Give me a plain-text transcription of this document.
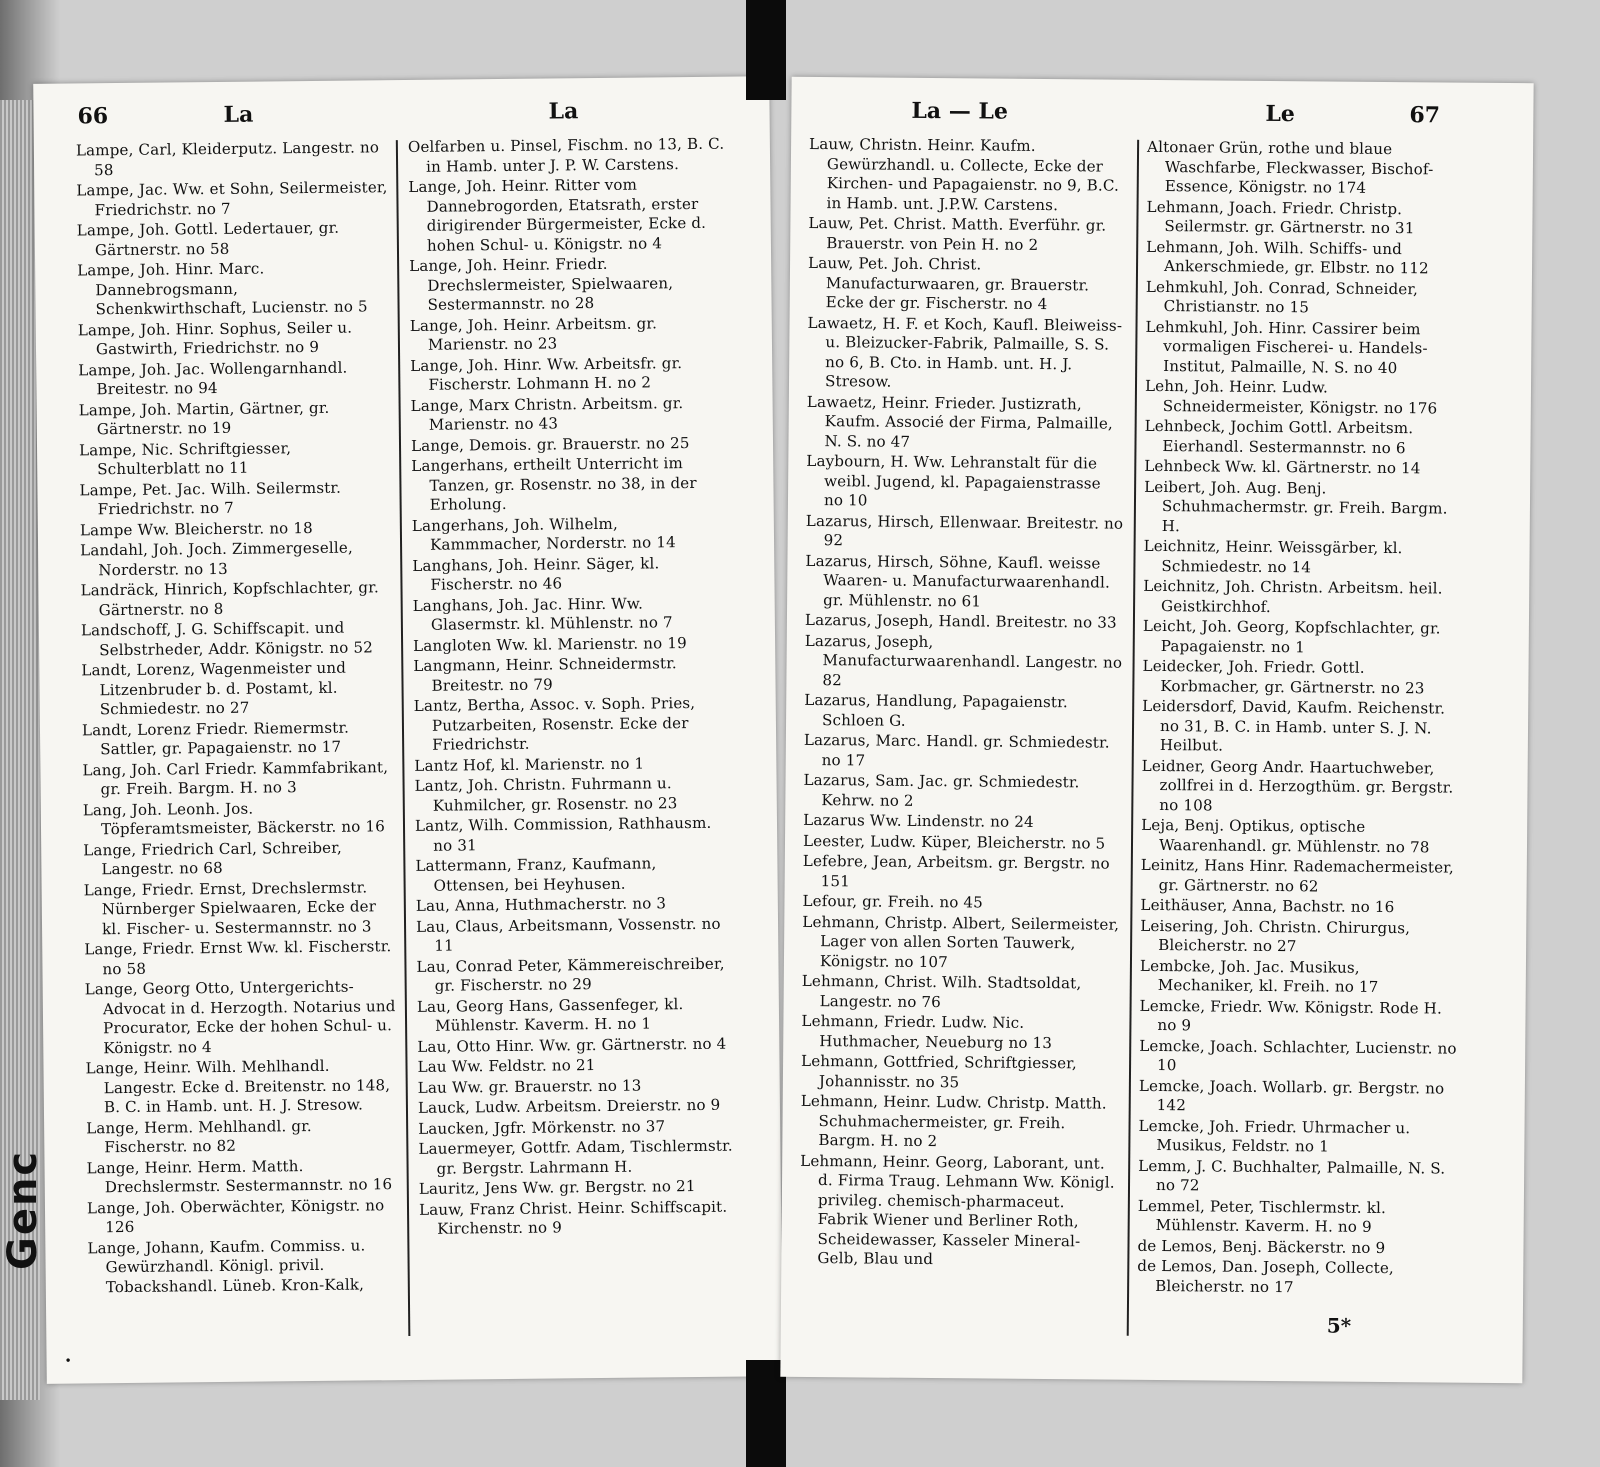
Genc
66	La	La
Lampe, Carl, Kleiderputz. Langestr. no 58
Lampe, Jac. Ww. et Sohn, Seilermeister, Friedrichstr. no 7
Lampe, Joh. Gottl. Ledertauer, gr. Gärtnerstr. no 58
Lampe, Joh. Hinr. Marc. Dannebrogsmann, Schenkwirthschaft, Lucienstr. no 5
Lampe, Joh. Hinr. Sophus, Seiler u. Gastwirth, Friedrichstr. no 9
Lampe, Joh. Jac. Wollengarnhandl. Breitestr. no 94
Lampe, Joh. Martin, Gärtner, gr. Gärtnerstr. no 19
Lampe, Nic. Schriftgiesser, Schulterblatt no 11
Lampe, Pet. Jac. Wilh. Seilermstr. Friedrichstr. no 7
Lampe Ww. Bleicherstr. no 18
Landahl, Joh. Joch. Zimmergeselle, Norderstr. no 13
Landräck, Hinrich, Kopfschlachter, gr. Gärtnerstr. no 8
Landschoff, J. G. Schiffscapit. und Selbstrheder, Addr. Königstr. no 52
Landt, Lorenz, Wagenmeister und Litzenbruder b. d. Postamt, kl. Schmiedestr. no 27
Landt, Lorenz Friedr. Riemermstr. Sattler, gr. Papagaienstr. no 17
Lang, Joh. Carl Friedr. Kammfabrikant, gr. Freih. Bargm. H. no 3
Lang, Joh. Leonh. Jos. Töpferamtsmeister, Bäckerstr. no 16
Lange, Friedrich Carl, Schreiber, Langestr. no 68
Lange, Friedr. Ernst, Drechslermstr. Nürnberger Spielwaaren, Ecke der kl. Fischer- u. Sestermannstr. no 3
Lange, Friedr. Ernst Ww. kl. Fischerstr. no 58
Lange, Georg Otto, Untergerichts-Advocat in d. Herzogth. Notarius und Procurator, Ecke der hohen Schul- u. Königstr. no 4
Lange, Heinr. Wilh. Mehlhandl. Langestr. Ecke d. Breitenstr. no 148, B. C. in Hamb. unt. H. J. Stresow.
Lange, Herm. Mehlhandl. gr. Fischerstr. no 82
Lange, Heinr. Herm. Matth. Drechslermstr. Sestermannstr. no 16
Lange, Joh. Oberwächter, Königstr. no 126
Lange, Johann, Kaufm. Commiss. u. Gewürzhandl. Königl. privil. Tobackshandl. Lüneb. Kron-Kalk,
Oelfarben u. Pinsel, Fischm. no 13, B. C. in Hamb. unter J. P. W. Carstens.
Lange, Joh. Heinr. Ritter vom Dannebrogorden, Etatsrath, erster dirigirender Bürgermeister, Ecke d. hohen Schul- u. Königstr. no 4
Lange, Joh. Heinr. Friedr. Drechslermeister, Spielwaaren, Sestermannstr. no 28
Lange, Joh. Heinr. Arbeitsm. gr. Marienstr. no 23
Lange, Joh. Hinr. Ww. Arbeitsfr. gr. Fischerstr. Lohmann H. no 2
Lange, Marx Christn. Arbeitsm. gr. Marienstr. no 43
Lange, Demois. gr. Brauerstr. no 25
Langerhans, ertheilt Unterricht im Tanzen, gr. Rosenstr. no 38, in der Erholung.
Langerhans, Joh. Wilhelm, Kammmacher, Norderstr. no 14
Langhans, Joh. Heinr. Säger, kl. Fischerstr. no 46
Langhans, Joh. Jac. Hinr. Ww. Glasermstr. kl. Mühlenstr. no 7
Langloten Ww. kl. Marienstr. no 19
Langmann, Heinr. Schneidermstr. Breitestr. no 79
Lantz, Bertha, Assoc. v. Soph. Pries, Putzarbeiten, Rosenstr. Ecke der Friedrichstr.
Lantz Hof, kl. Marienstr. no 1
Lantz, Joh. Christn. Fuhrmann u. Kuhmilcher, gr. Rosenstr. no 23
Lantz, Wilh. Commission, Rathhausm. no 31
Lattermann, Franz, Kaufmann, Ottensen, bei Heyhusen.
Lau, Anna, Huthmacherstr. no 3
Lau, Claus, Arbeitsmann, Vossenstr. no 11
Lau, Conrad Peter, Kämmereischreiber, gr. Fischerstr. no 29
Lau, Georg Hans, Gassenfeger, kl. Mühlenstr. Kaverm. H. no 1
Lau, Otto Hinr. Ww. gr. Gärtnerstr. no 4
Lau Ww. Feldstr. no 21
Lau Ww. gr. Brauerstr. no 13
Lauck, Ludw. Arbeitsm. Dreierstr. no 9
Laucken, Jgfr. Mörkenstr. no 37
Lauermeyer, Gottfr. Adam, Tischlermstr. gr. Bergstr. Lahrmann H.
Lauritz, Jens Ww. gr. Bergstr. no 21
Lauw, Franz Christ. Heinr. Schiffscapit. Kirchenstr. no 9
•
La — Le	Le	67
Lauw, Christn. Heinr. Kaufm. Gewürzhandl. u. Collecte, Ecke der Kirchen- und Papagaienstr. no 9, B.C. in Hamb. unt. J.P.W. Carstens.
Lauw, Pet. Christ. Matth. Everführ. gr. Brauerstr. von Pein H. no 2
Lauw, Pet. Joh. Christ. Manufacturwaaren, gr. Brauerstr. Ecke der gr. Fischerstr. no 4
Lawaetz, H. F. et Koch, Kaufl. Bleiweiss- u. Bleizucker-Fabrik, Palmaille, S. S. no 6, B. Cto. in Hamb. unt. H. J. Stresow.
Lawaetz, Heinr. Frieder. Justizrath, Kaufm. Associé der Firma, Palmaille, N. S. no 47
Laybourn, H. Ww. Lehranstalt für die weibl. Jugend, kl. Papagaienstrasse no 10
Lazarus, Hirsch, Ellenwaar. Breitestr. no 92
Lazarus, Hirsch, Söhne, Kaufl. weisse Waaren- u. Manufacturwaarenhandl. gr. Mühlenstr. no 61
Lazarus, Joseph, Handl. Breitestr. no 33
Lazarus, Joseph, Manufacturwaarenhandl. Langestr. no 82
Lazarus, Handlung, Papagaienstr. Schloen G.
Lazarus, Marc. Handl. gr. Schmiedestr. no 17
Lazarus, Sam. Jac. gr. Schmiedestr. Kehrw. no 2
Lazarus Ww. Lindenstr. no 24
Leester, Ludw. Küper, Bleicherstr. no 5
Lefebre, Jean, Arbeitsm. gr. Bergstr. no 151
Lefour, gr. Freih. no 45
Lehmann, Christp. Albert, Seilermeister, Lager von allen Sorten Tauwerk, Königstr. no 107
Lehmann, Christ. Wilh. Stadtsoldat, Langestr. no 76
Lehmann, Friedr. Ludw. Nic. Huthmacher, Neueburg no 13
Lehmann, Gottfried, Schriftgiesser, Johannisstr. no 35
Lehmann, Heinr. Ludw. Christp. Matth. Schuhmachermeister, gr. Freih. Bargm. H. no 2
Lehmann, Heinr. Georg, Laborant, unt. d. Firma Traug. Lehmann Ww. Königl. privileg. chemisch-pharmaceut. Fabrik Wiener und Berliner Roth, Scheidewasser, Kasseler Mineral-Gelb, Blau und
Altonaer Grün, rothe und blaue Waschfarbe, Fleckwasser, Bischof-Essence, Königstr. no 174
Lehmann, Joach. Friedr. Christp. Seilermstr. gr. Gärtnerstr. no 31
Lehmann, Joh. Wilh. Schiffs- und Ankerschmiede, gr. Elbstr. no 112
Lehmkuhl, Joh. Conrad, Schneider, Christianstr. no 15
Lehmkuhl, Joh. Hinr. Cassirer beim vormaligen Fischerei- u. Handels-Institut, Palmaille, N. S. no 40
Lehn, Joh. Heinr. Ludw. Schneidermeister, Königstr. no 176
Lehnbeck, Jochim Gottl. Arbeitsm. Eierhandl. Sestermannstr. no 6
Lehnbeck Ww. kl. Gärtnerstr. no 14
Leibert, Joh. Aug. Benj. Schuhmachermstr. gr. Freih. Bargm. H.
Leichnitz, Heinr. Weissgärber, kl. Schmiedestr. no 14
Leichnitz, Joh. Christn. Arbeitsm. heil. Geistkirchhof.
Leicht, Joh. Georg, Kopfschlachter, gr. Papagaienstr. no 1
Leidecker, Joh. Friedr. Gottl. Korbmacher, gr. Gärtnerstr. no 23
Leidersdorf, David, Kaufm. Reichenstr. no 31, B. C. in Hamb. unter S. J. N. Heilbut.
Leidner, Georg Andr. Haartuchweber, zollfrei in d. Herzogthüm. gr. Bergstr. no 108
Leja, Benj. Optikus, optische Waarenhandl. gr. Mühlenstr. no 78
Leinitz, Hans Hinr. Rademachermeister, gr. Gärtnerstr. no 62
Leithäuser, Anna, Bachstr. no 16
Leisering, Joh. Christn. Chirurgus, Bleicherstr. no 27
Lembcke, Joh. Jac. Musikus, Mechaniker, kl. Freih. no 17
Lemcke, Friedr. Ww. Königstr. Rode H. no 9
Lemcke, Joach. Schlachter, Lucienstr. no 10
Lemcke, Joach. Wollarb. gr. Bergstr. no 142
Lemcke, Joh. Friedr. Uhrmacher u. Musikus, Feldstr. no 1
Lemm, J. C. Buchhalter, Palmaille, N. S. no 72
Lemmel, Peter, Tischlermstr. kl. Mühlenstr. Kaverm. H. no 9
de Lemos, Benj. Bäckerstr. no 9
de Lemos, Dan. Joseph, Collecte, Bleicherstr. no 17
5*
